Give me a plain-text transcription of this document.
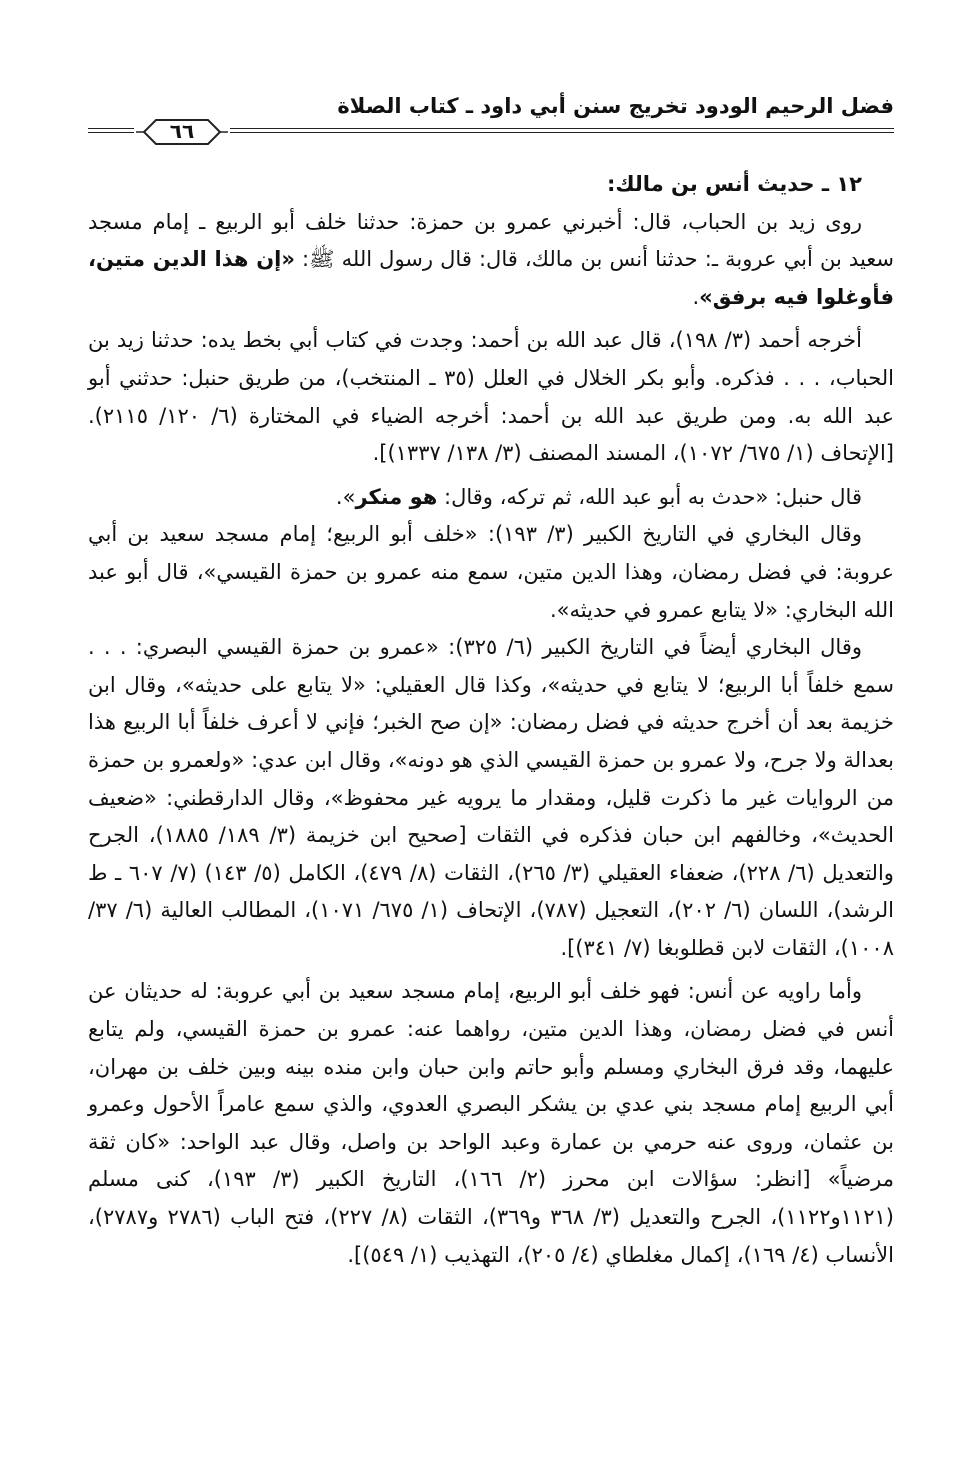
فضل الرحيم الودود تخريج سنن أبي داود ـ كتاب الصلاة
٦٦

١٢ ـ حديث أنس بن مالك:

روى زيد بن الحباب، قال: أخبرني عمرو بن حمزة: حدثنا خلف أبو الربيع ـ إمام مسجد سعيد بن أبي عروبة ـ: حدثنا أنس بن مالك، قال: قال رسول الله ﷺ: «إن هذا الدين متين، فأوغلوا فيه برفق».

أخرجه أحمد (٣/ ١٩٨)، قال عبد الله بن أحمد: وجدت في كتاب أبي بخط يده: حدثنا زيد بن الحباب، . . . فذكره. وأبو بكر الخلال في العلل (٣٥ ـ المنتخب)، من طريق حنبل: حدثني أبو عبد الله به. ومن طريق عبد الله بن أحمد: أخرجه الضياء في المختارة (٦/ ١٢٠/ ٢١١٥). [الإتحاف (١/ ٦٧٥/ ١٠٧٢)، المسند المصنف (٣/ ١٣٨/ ١٣٣٧)].

قال حنبل: «حدث به أبو عبد الله، ثم تركه، وقال: هو منكر».

وقال البخاري في التاريخ الكبير (٣/ ١٩٣): «خلف أبو الربيع؛ إمام مسجد سعيد بن أبي عروبة: في فضل رمضان، وهذا الدين متين، سمع منه عمرو بن حمزة القيسي»، قال أبو عبد الله البخاري: «لا يتابع عمرو في حديثه».

وقال البخاري أيضاً في التاريخ الكبير (٦/ ٣٢٥): «عمرو بن حمزة القيسي البصري: . . . سمع خلفاً أبا الربيع؛ لا يتابع في حديثه»، وكذا قال العقيلي: «لا يتابع على حديثه»، وقال ابن خزيمة بعد أن أخرج حديثه في فضل رمضان: «إن صح الخبر؛ فإني لا أعرف خلفاً أبا الربيع هذا بعدالة ولا جرح، ولا عمرو بن حمزة القيسي الذي هو دونه»، وقال ابن عدي: «ولعمرو بن حمزة من الروايات غير ما ذكرت قليل، ومقدار ما يرويه غير محفوظ»، وقال الدارقطني: «ضعيف الحديث»، وخالفهم ابن حبان فذكره في الثقات [صحيح ابن خزيمة (٣/ ١٨٩/ ١٨٨٥)، الجرح والتعديل (٦/ ٢٢٨)، ضعفاء العقيلي (٣/ ٢٦٥)، الثقات (٨/ ٤٧٩)، الكامل (٥/ ١٤٣) (٧/ ٦٠٧ ـ ط الرشد)، اللسان (٦/ ٢٠٢)، التعجيل (٧٨٧)، الإتحاف (١/ ٦٧٥/ ١٠٧١)، المطالب العالية (٦/ ٣٧/ ١٠٠٨)، الثقات لابن قطلوبغا (٧/ ٣٤١)].

وأما راويه عن أنس: فهو خلف أبو الربيع، إمام مسجد سعيد بن أبي عروبة: له حديثان عن أنس في فضل رمضان، وهذا الدين متين، رواهما عنه: عمرو بن حمزة القيسي، ولم يتابع عليهما، وقد فرق البخاري ومسلم وأبو حاتم وابن حبان وابن منده بينه وبين خلف بن مهران، أبي الربيع إمام مسجد بني عدي بن يشكر البصري العدوي، والذي سمع عامراً الأحول وعمرو بن عثمان، وروى عنه حرمي بن عمارة وعبد الواحد بن واصل، وقال عبد الواحد: «كان ثقة مرضياً» [انظر: سؤالات ابن محرز (٢/ ١٦٦)، التاريخ الكبير (٣/ ١٩٣)، كنى مسلم (١١٢١و١١٢٢)، الجرح والتعديل (٣/ ٣٦٨ و٣٦٩)، الثقات (٨/ ٢٢٧)، فتح الباب (٢٧٨٦ و٢٧٨٧)، الأنساب (٤/ ١٦٩)، إكمال مغلطاي (٤/ ٢٠٥)، التهذيب (١/ ٥٤٩)].
